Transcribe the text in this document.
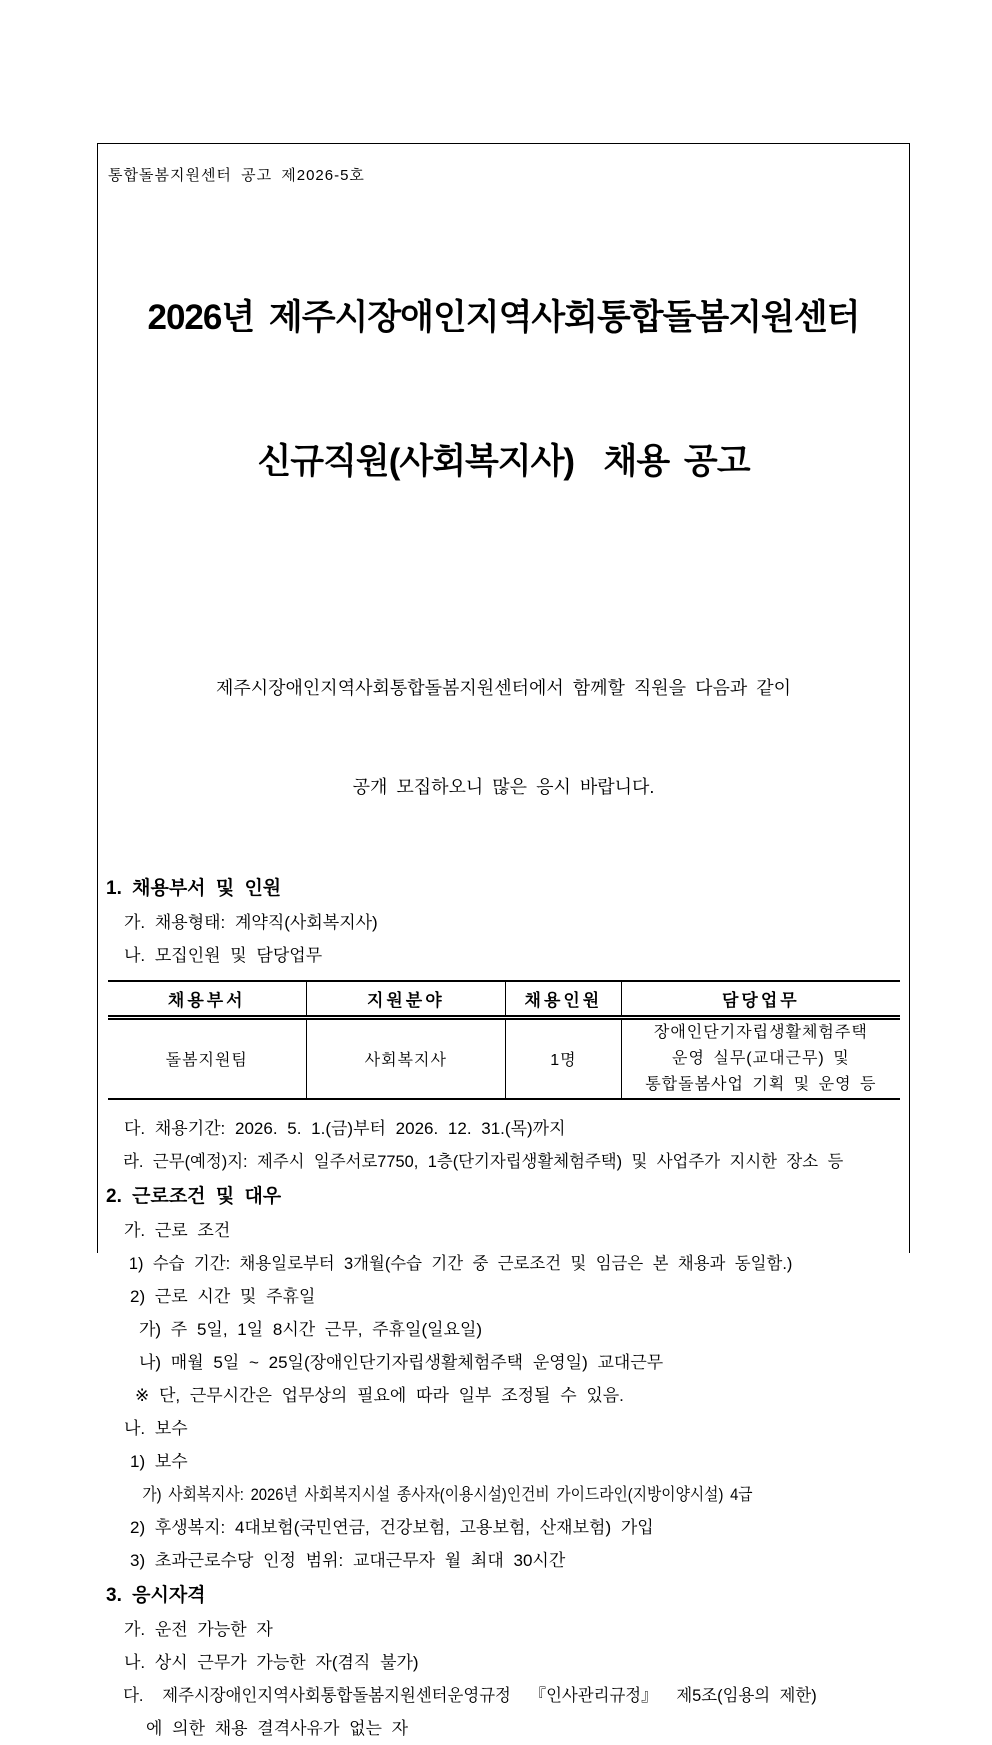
통합돌봄지원센터 공고 제2026-5호

2026년 제주시장애인지역사회통합돌봄지원센터

신규직원(사회복지사)  채용 공고

제주시장애인지역사회통합돌봄지원센터에서 함께할 직원을 다음과 같이

공개 모집하오니 많은 응시 바랍니다.

1. 채용부서 및 인원
가. 채용형태: 계약직(사회복지사)
나. 모집인원 및 담당업무
채용부서	지원분야	채용인원	담당업무
돌봄지원팀	사회복지사	1명	장애인단기자립생활체험주택
운영 실무(교대근무) 및
통합돌봄사업 기획 및 운영 등
다. 채용기간: 2026. 5. 1.(금)부터 2026. 12. 31.(목)까지
라. 근무(예정)지: 제주시 일주서로7750, 1층(단기자립생활체험주택) 및 사업주가 지시한 장소 등
2. 근로조건 및 대우
가. 근로 조건
1) 수습 기간: 채용일로부터 3개월(수습 기간 중 근로조건 및 임금은 본 채용과 동일함.)
2) 근로 시간 및 주휴일
가) 주 5일, 1일 8시간 근무, 주휴일(일요일)
나) 매월 5일 ~ 25일(장애인단기자립생활체험주택 운영일) 교대근무
※ 단, 근무시간은 업무상의 필요에 따라 일부 조정될 수 있음.
나. 보수
1) 보수
가) 사회복지사: 2026년 사회복지시설 종사자(이용시설)인건비 가이드라인(지방이양시설) 4급
2) 후생복지: 4대보험(국민연금, 건강보험, 고용보험, 산재보험) 가입
3) 초과근로수당 인정 범위: 교대근무자 월 최대 30시간
3. 응시자격
가. 운전 가능한 자
나. 상시 근무가 가능한 자(겸직 불가)
다.  제주시장애인지역사회통합돌봄지원센터운영규정  『인사관리규정』  제5조(임용의 제한)
에 의한 채용 결격사유가 없는 자
